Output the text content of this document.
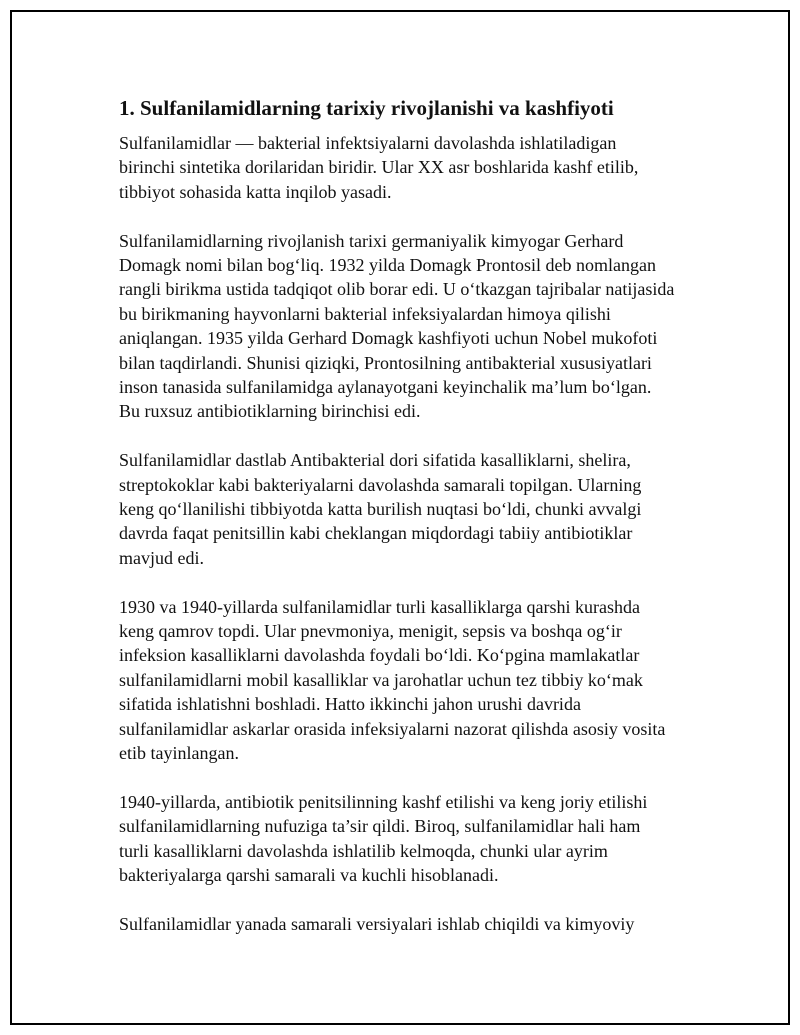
1. Sulfanilamidlarning tarixiy rivojlanishi va kashfiyoti

Sulfanilamidlar — bakterial infektsiyalarni davolashda ishlatiladigan
birinchi sintetika dorilaridan biridir. Ular XX asr boshlarida kashf etilib,
tibbiyot sohasida katta inqilob yasadi.

Sulfanilamidlarning rivojlanish tarixi germaniyalik kimyogar Gerhard
Domagk nomi bilan bog‘liq. 1932 yilda Domagk Prontosil deb nomlangan
rangli birikma ustida tadqiqot olib borar edi. U o‘tkazgan tajribalar natijasida
bu birikmaning hayvonlarni bakterial infeksiyalardan himoya qilishi
aniqlangan. 1935 yilda Gerhard Domagk kashfiyoti uchun Nobel mukofoti
bilan taqdirlandi. Shunisi qiziqki, Prontosilning antibakterial xususiyatlari
inson tanasida sulfanilamidga aylanayotgani keyinchalik ma’lum bo‘lgan.
Bu ruxsuz antibiotiklarning birinchisi edi.

Sulfanilamidlar dastlab Antibakterial dori sifatida kasalliklarni, shelira,
streptokoklar kabi bakteriyalarni davolashda samarali topilgan. Ularning
keng qo‘llanilishi tibbiyotda katta burilish nuqtasi bo‘ldi, chunki avvalgi
davrda faqat penitsillin kabi cheklangan miqdordagi tabiiy antibiotiklar
mavjud edi.

1930 va 1940-yillarda sulfanilamidlar turli kasalliklarga qarshi kurashda
keng qamrov topdi. Ular pnevmoniya, menigit, sepsis va boshqa og‘ir
infeksion kasalliklarni davolashda foydali bo‘ldi. Ko‘pgina mamlakatlar
sulfanilamidlarni mobil kasalliklar va jarohatlar uchun tez tibbiy ko‘mak
sifatida ishlatishni boshladi. Hatto ikkinchi jahon urushi davrida
sulfanilamidlar askarlar orasida infeksiyalarni nazorat qilishda asosiy vosita
etib tayinlangan.

1940-yillarda, antibiotik penitsilinning kashf etilishi va keng joriy etilishi
sulfanilamidlarning nufuziga ta’sir qildi. Biroq, sulfanilamidlar hali ham
turli kasalliklarni davolashda ishlatilib kelmoqda, chunki ular ayrim
bakteriyalarga qarshi samarali va kuchli hisoblanadi.

Sulfanilamidlar yanada samarali versiyalari ishlab chiqildi va kimyoviy
